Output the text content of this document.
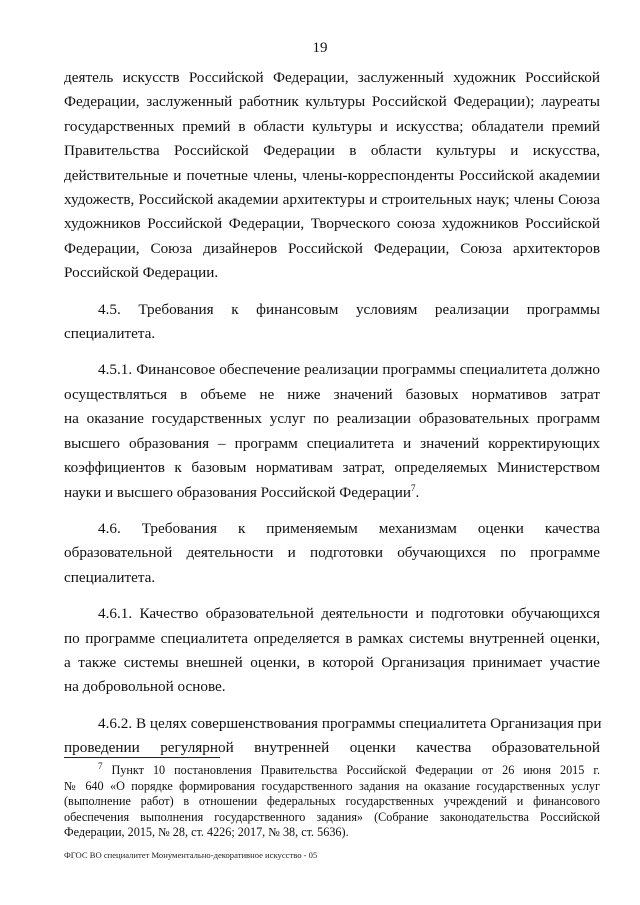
19
деятель искусств Российской Федерации, заслуженный художник Российской
Федерации, заслуженный работник культуры Российской Федерации); лауреаты
государственных премий в области культуры и искусства; обладатели премий
Правительства Российской Федерации в области культуры и искусства,
действительные и почетные члены, члены-корреспонденты Российской академии
художеств, Российской академии архитектуры и строительных наук; члены Союза
художников Российской Федерации, Творческого союза художников Российской
Федерации, Союза дизайнеров Российской Федерации, Союза архитекторов
Российской Федерации.
4.5. Требования к финансовым условиям реализации программы
специалитета.
4.5.1. Финансовое обеспечение реализации программы специалитета должно
осуществляться в объеме не ниже значений базовых нормативов затрат
на оказание государственных услуг по реализации образовательных программ
высшего образования – программ специалитета и значений корректирующих
коэффициентов к базовым нормативам затрат, определяемых Министерством
науки и высшего образования Российской Федерации$^7$.
4.6. Требования к применяемым механизмам оценки качества
образовательной деятельности и подготовки обучающихся по программе
специалитета.
4.6.1. Качество образовательной деятельности и подготовки обучающихся
по программе специалитета определяется в рамках системы внутренней оценки,
а также системы внешней оценки, в которой Организация принимает участие
на добровольной основе.
4.6.2. В целях совершенствования программы специалитета Организация при
проведении регулярной внутренней оценки качества образовательной
$^7$ Пункт 10 постановления Правительства Российской Федерации от 26 июня 2015 г.
№ 640 «О порядке формирования государственного задания на оказание государственных услуг
(выполнение работ) в отношении федеральных государственных учреждений и финансового
обеспечения выполнения государственного задания» (Собрание законодательства Российской
Федерации, 2015, № 28, ст. 4226; 2017, № 38, ст. 5636).
ФГОС ВО специалитет Монументально-декоративное искусство - 05
